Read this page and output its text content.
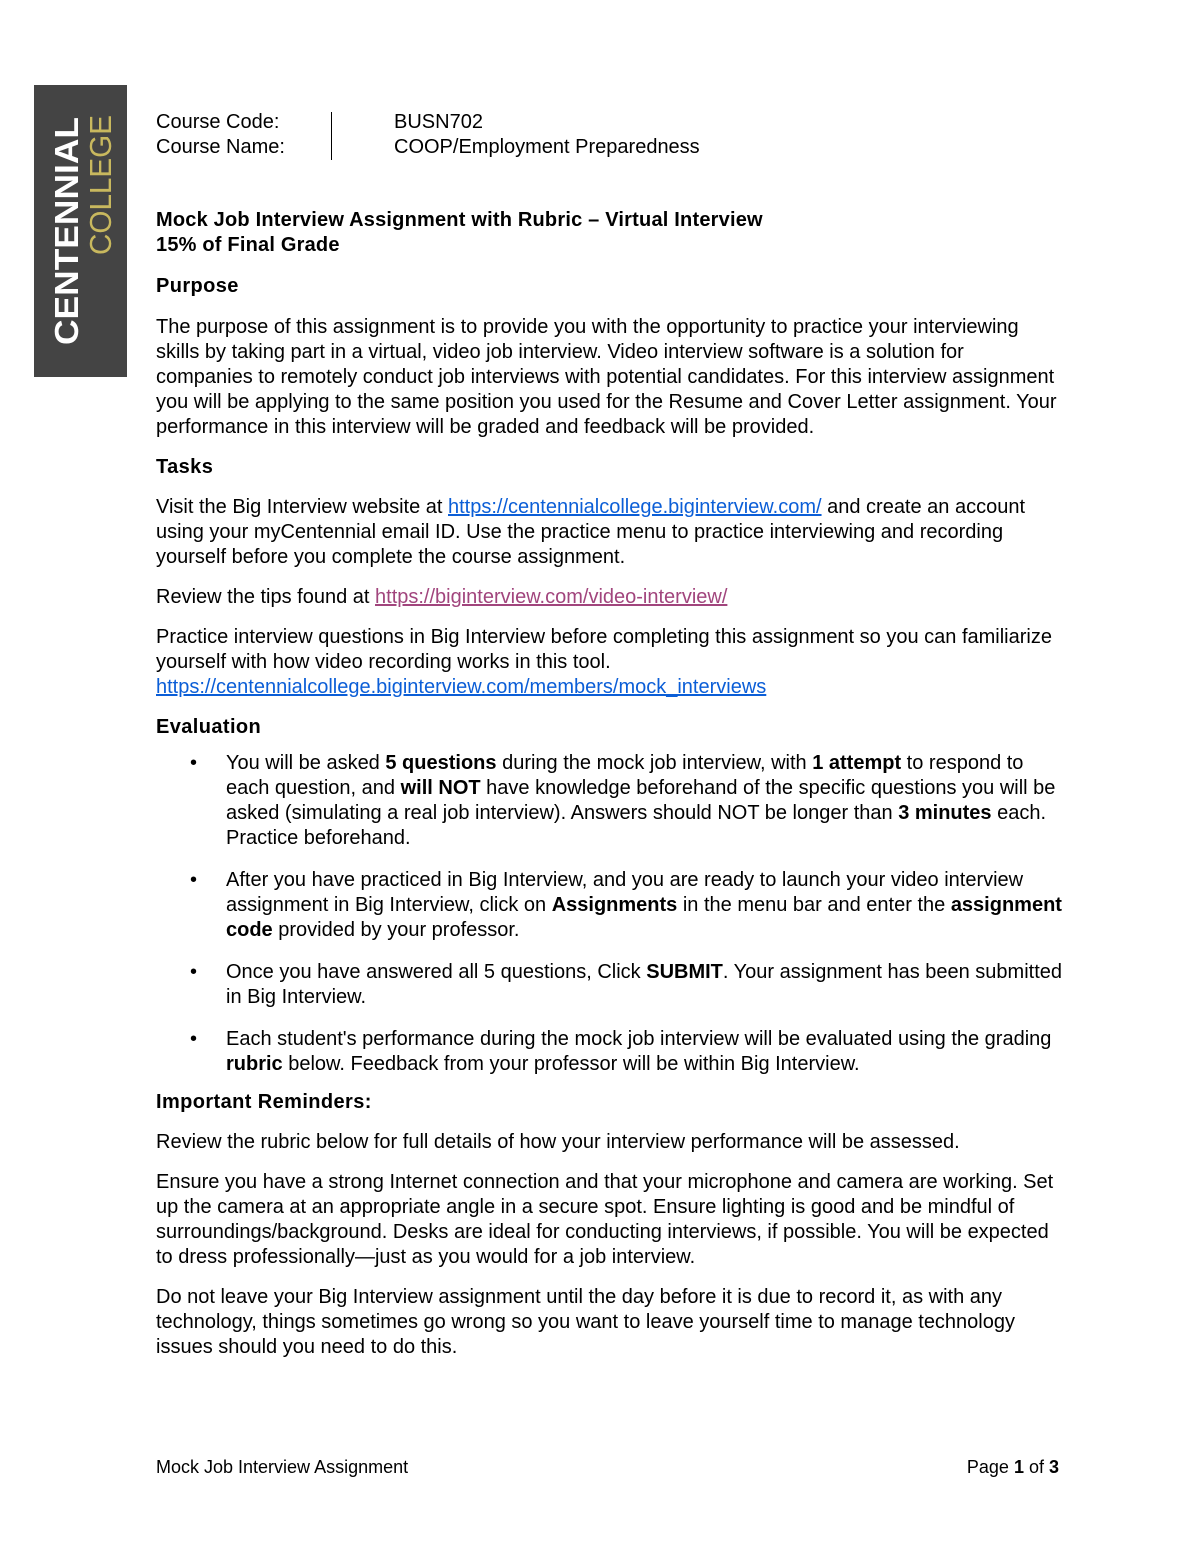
CENTENNIAL
COLLEGE Course Code:	BUSN702
Course Name:	COOP/Employment Preparedness

Mock Job Interview Assignment with Rubric – Virtual Interview

15% of Final Grade

Purpose

The purpose of this assignment is to provide you with the opportunity to practice your interviewing skills by taking part in a virtual, video job interview. Video interview software is a solution for companies to remotely conduct job interviews with potential candidates. For this interview assignment you will be applying to the same position you used for the Resume and Cover Letter assignment. Your performance in this interview will be graded and feedback will be provided.

Tasks

Visit the Big Interview website at https://centennialcollege.biginterview.com/ and create an account using your myCentennial email ID. Use the practice menu to practice interviewing and recording yourself before you complete the course assignment.

Review the tips found at https://biginterview.com/video-interview/

Practice interview questions in Big Interview before completing this assignment so you can familiarize yourself with how video recording works in this tool.
https://centennialcollege.biginterview.com/members/mock_interviews

Evaluation
• You will be asked 5 questions during the mock job interview, with 1 attempt to respond to each question, and will NOT have knowledge beforehand of the specific questions you will be asked (simulating a real job interview). Answers should NOT be longer than 3 minutes each. Practice beforehand.
• After you have practiced in Big Interview, and you are ready to launch your video interview assignment in Big Interview, click on Assignments in the menu bar and enter the assignment code provided by your professor.
• Once you have answered all 5 questions, Click SUBMIT. Your assignment has been submitted in Big Interview.
• Each student's performance during the mock job interview will be evaluated using the grading rubric below. Feedback from your professor will be within Big Interview.
Important Reminders:

Review the rubric below for full details of how your interview performance will be assessed.

Ensure you have a strong Internet connection and that your microphone and camera are working. Set up the camera at an appropriate angle in a secure spot. Ensure lighting is good and be mindful of surroundings/background. Desks are ideal for conducting interviews, if possible. You will be expected to dress professionally—just as you would for a job interview.

Do not leave your Big Interview assignment until the day before it is due to record it, as with any technology, things sometimes go wrong so you want to leave yourself time to manage technology issues should you need to do this.

Mock Job Interview Assignment	Page 1 of 3
